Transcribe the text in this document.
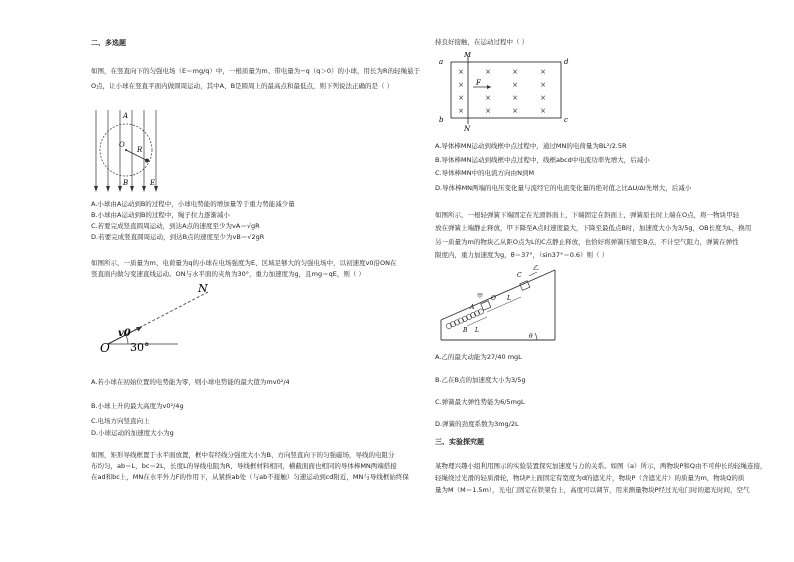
二、多选题
如图，在竖直向下的匀强电场（E＝mg/q）中，一根质量为m、带电量为−q（q＞0）的小球，用长为R的轻绳悬于
O点，让小球在竖直平面内做圆周运动，其中A、B是圆周上的最高点和最低点，则下列说法正确的是（ ）
A
O
R
B	E
A.小球由A运动到B的过程中，小球电势能的增加量等于重力势能减少量
B.小球由A运动到B的过程中，绳子拉力逐渐减小
C.若要完成竖直圆周运动，到达A点的速度至少为vA＝√gR
D.若要完成竖直圆周运动，到达B点的速度至少为vB＝√2gR
如图所示，一质量为m、电荷量为q的小球在电场强度为E、区域足够大的匀强电场中，以初速度v0沿ON在
竖直面内做匀变速直线运动。ON与水平面的夹角为30°，重力加速度为g，且mg＝qE，则（ ）
N
O
v0
30°
A.若小球在初始位置的电势能为零，则小球电势能的最大值为mv0²/4
B.小球上升的最大高度为v0²/4g
C.电场方向竖直向上
D.小球运动的加速度大小为g
如图，矩形导线框置于水平面放置，框中有经线分强度大小为B、方向竖直向下的匀强磁场，导线的电阻分
布均匀，ab＝L，bc＝2L，长度L的导线电阻为R，导线框材料相同，横截面面也相同的导体棒MN两端搭接
在ad和bc上，MN在水平外力F的作用下，从紧挨ab处（与ab不接触）匀速运动到cd附近，MN与导线框始终保
持良好接触，在运动过程中（ ）
×
×
×
×
×
×
×
×
×
×
×
×
×
×
×
F
a
b
M
N
d
c
A.导体棒MN运动到线框中点过程中，通过MN的电荷量为BL²/2.5R
B.导体棒MN运动到线框中点过程中，线框abcd中电流功率先增大，后减小
C.导体棒MN中的电流方向由N到M
D.导体棒MN两端的电压变化量与流经它的电流变化量的绝对值之比ΔU/ΔI先增大，后减小
如图所示，一根轻弹簧下端固定在光滑斜面上，下端固定在斜面上，弹簧原长时上端在O点，将一物块甲轻
放在弹簧上端静止释放，甲下降至A点时速度最大，下降至最低点B时，加速度大小为3/5g，OB长度为L，换用
另一质量为m的物块乙从距O点为L的C点静止释放，也恰好将弹簧压缩至B点，不计空气阻力，弹簧在弹性
限度内，重力加速度为g，θ＝37°，（sin37°＝0.6）则（ ）
C
乙
甲 O L
A
B L
θ
A.乙的最大动能为27/40 mgL
B.乙在B点的加速度大小为3/5g
C.弹簧最大弹性势能为6/5mgL
D.弹簧的劲度系数为3mg/2L
三、实验探究题
某物理兴趣小组利用图示的实验装置探究加速度与力的关系。如图（a）所示，两物块P和Q由不可伸长的轻绳连接，
轻绳绕过光滑的轻质滑轮，物块P上面固定有宽度为d的遮光片，物块P（含遮光片）的质量为m，物块Q的质
量为M（M＝1.5m），光电门固定在铁架台上，高度可以调节，用来测量物块P经过光电门时的遮光时间，空气
